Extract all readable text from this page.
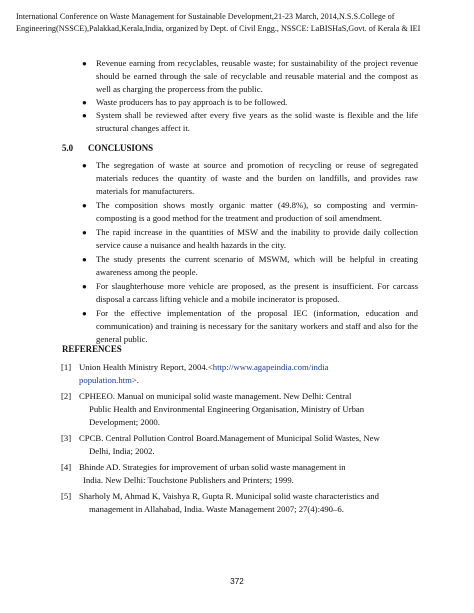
International Conference on Waste Management for Sustainable Development,21-23 March, 2014,N.S.S.College of
Engineering(NSSCE),Palakkad,Kerala,India, organized by Dept. of Civil Engg., NSSCE: LaBISHaS,Govt. of Kerala & IEI
● Revenue earning from recyclables, reusable waste; for sustainability of the project revenue should be earned through the sale of recyclable and reusable material and the compost as well as charging the propercess from the public.
● Waste producers has to pay approach is to be followed.
● System shall be reviewed after every five years as the solid waste is flexible and the life structural changes affect it.
5.0 CONCLUSIONS
● The segregation of waste at source and promotion of recycling or reuse of segregated materials reduces the quantity of waste and the burden on landfills, and provides raw materials for manufacturers.
● The composition shows mostly organic matter (49.8%), so composting and vermin-composting is a good method for the treatment and production of soil amendment.
● The rapid increase in the quantities of MSW and the inability to provide daily collection service cause a nuisance and health hazards in the city.
● The study presents the current scenario of MSWM, which will be helpful in creating awareness among the people.
● For slaughterhouse more vehicle are proposed, as the present is insufficient. For carcass disposal a carcass lifting vehicle and a mobile incinerator is proposed.
● For the effective implementation of the proposal IEC (information, education and communication) and training is necessary for the sanitary workers and staff and also for the general public.
REFERENCES
[1] Union Health Ministry Report, 2004.<http://www.agapeindia.com/india
population.htm>.
[2] CPHEEO. Manual on municipal solid waste management. New Delhi: Central
Public Health and Environmental Engineering Organisation, Ministry of Urban
Development; 2000.
[3] CPCB. Central Pollution Control Board.Management of Municipal Solid Wastes, New
Delhi, India; 2002.
[4] Bhinde AD. Strategies for improvement of urban solid waste management in
India. New Delhi: Touchstone Publishers and Printers; 1999.
[5] Sharholy M, Ahmad K, Vaishya R, Gupta R. Municipal solid waste characteristics and
management in Allahabad, India. Waste Management 2007; 27(4):490–6.
372
